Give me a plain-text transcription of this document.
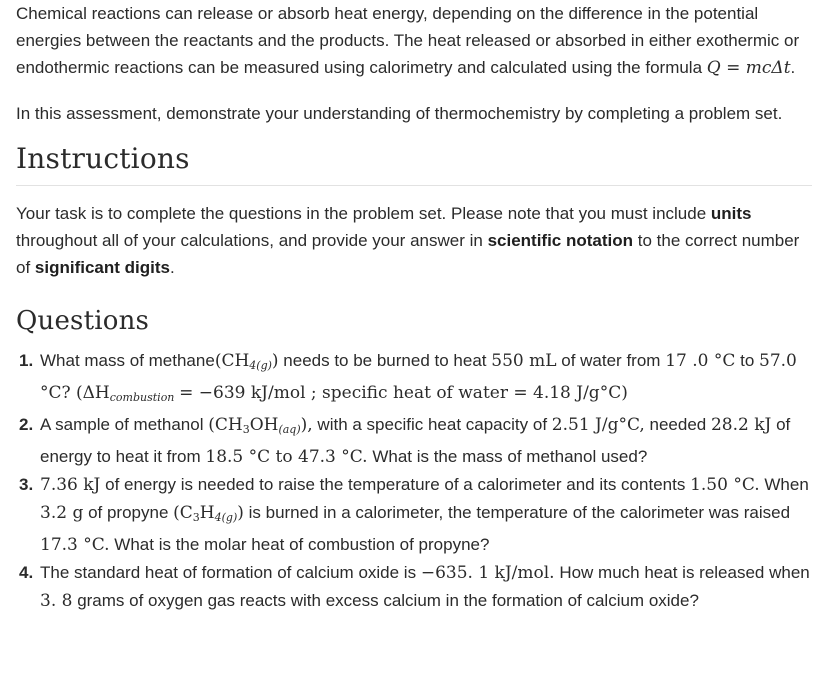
Chemical reactions can release or absorb heat energy, depending on the difference in the potential energies between the reactants and the products. The heat released or absorbed in either exothermic or endothermic reactions can be measured using calorimetry and calculated using the formula Q = mcΔt.

In this assessment, demonstrate your understanding of thermochemistry by completing a problem set.

Instructions

Your task is to complete the questions in the problem set. Please note that you must include units throughout all of your calculations, and provide your answer in scientific notation to the correct number of significant digits.

Questions
1. What mass of methane(CH4(g)) needs to be burned to heat 550 mL of water from 17 .0 °C to 57.0 °C? (ΔHcombustion = −639 kJ/mol ; specific heat of water = 4.18 J/g°C)
2. A sample of methanol $(CH_3OH(aq))$, with a specific heat capacity of 2.51 J/g°C, needed 28.2 kJ of energy to heat it from 18.5 °C to 47.3 °C. What is the mass of methanol used?
3. 7.36 kJ of energy is needed to raise the temperature of a calorimeter and its contents 1.50 °C. When 3.2 g of propyne $(C_3H4(g))$ is burned in a calorimeter, the temperature of the calorimeter was raised 17.3 °C. What is the molar heat of combustion of propyne?
4. The standard heat of formation of calcium oxide is −635. 1 kJ/mol. How much heat is released when 3. 8 grams of oxygen gas reacts with excess calcium in the formation of calcium oxide?
